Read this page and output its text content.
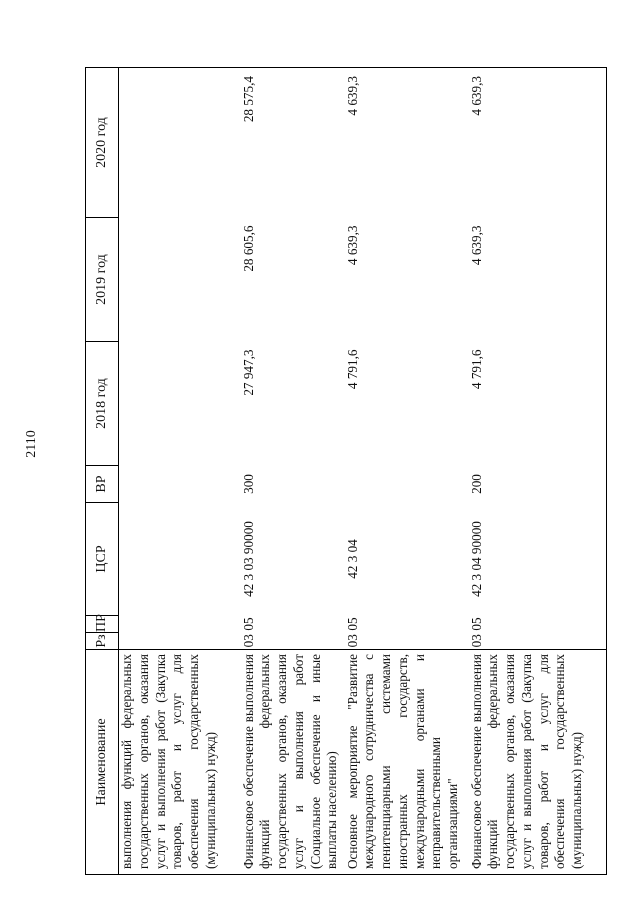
2110
Наименование	Рз	ПР	ЦСР	ВР	2018 год	2019 год	2020 год
выполнения функций федеральных государственных органов, оказания услуг и выполнения работ (Закупка товаров, работ и услуг для обеспечения государственных (муниципальных) нужд)							
Финансовое обеспечение выполнения функций федеральных государственных органов, оказания услуг и выполнения работ (Социальное обеспечение и иные выплаты населению)	03	05	42 3 03 90000	300	27 947,3	28 605,6	28 575,4
Основное мероприятие "Развитие международного сотрудничества с пенитенциарными системами иностранных государств, международными органами и неправительственными организациями"	03	05	42 3 04		4 791,6	4 639,3	4 639,3
Финансовое обеспечение выполнения функций федеральных государственных органов, оказания услуг и выполнения работ (Закупка товаров, работ и услуг для обеспечения государственных (муниципальных) нужд)	03	05	42 3 04 90000	200	4 791,6	4 639,3	4 639,3
